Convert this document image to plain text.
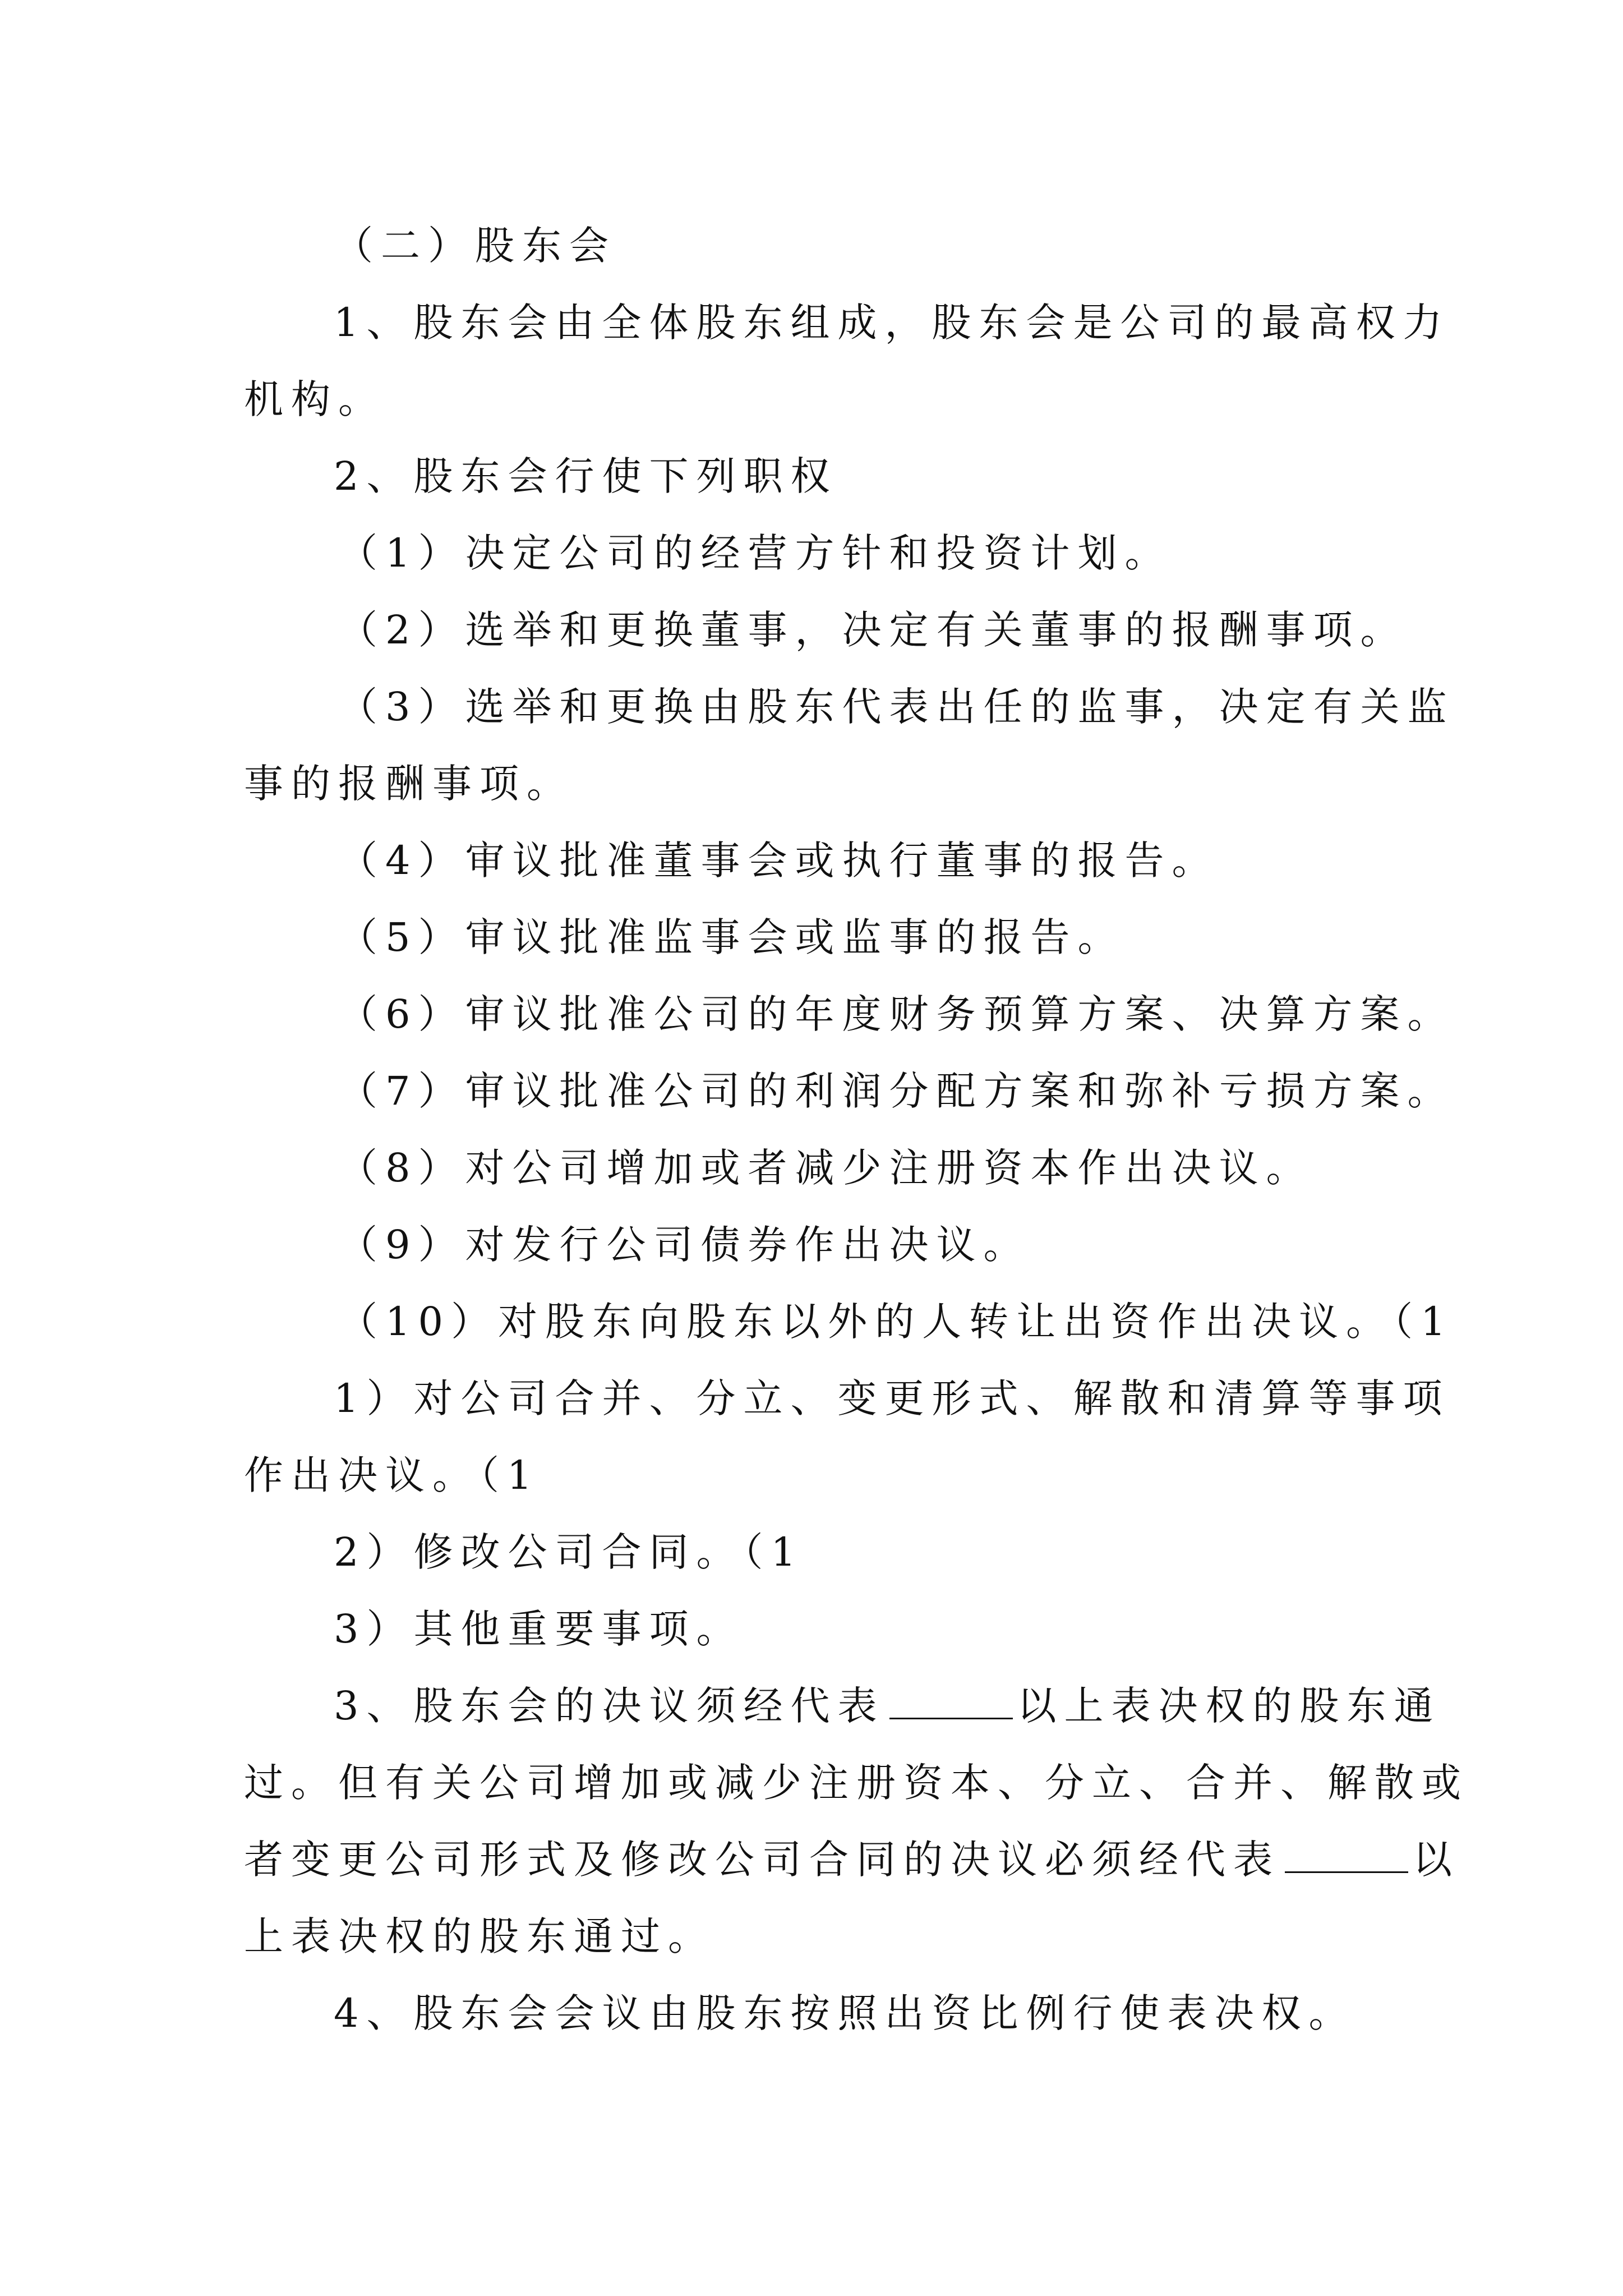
（二）股东会
1、股东会由全体股东组成，股东会是公司的最高权力
机构。
2、股东会行使下列职权
（1）决定公司的经营方针和投资计划。
（2）选举和更换董事，决定有关董事的报酬事项。
（3）选举和更换由股东代表出任的监事，决定有关监
事的报酬事项。
（4）审议批准董事会或执行董事的报告。
（5）审议批准监事会或监事的报告。
（6）审议批准公司的年度财务预算方案、决算方案。
（7）审议批准公司的利润分配方案和弥补亏损方案。
（8）对公司增加或者减少注册资本作出决议。
（9）对发行公司债券作出决议。
（10）对股东向股东以外的人转让出资作出决议。（1
1）对公司合并、分立、变更形式、解散和清算等事项
作出决议。（1
2）修改公司合同。（1
3）其他重要事项。
3、股东会的决议须经代表	以上表决权的股东通
过。但有关公司增加或减少注册资本、分立、合并、解散或
者变更公司形式及修改公司合同的决议必须经代表	以
上表决权的股东通过。
4、股东会会议由股东按照出资比例行使表决权。
